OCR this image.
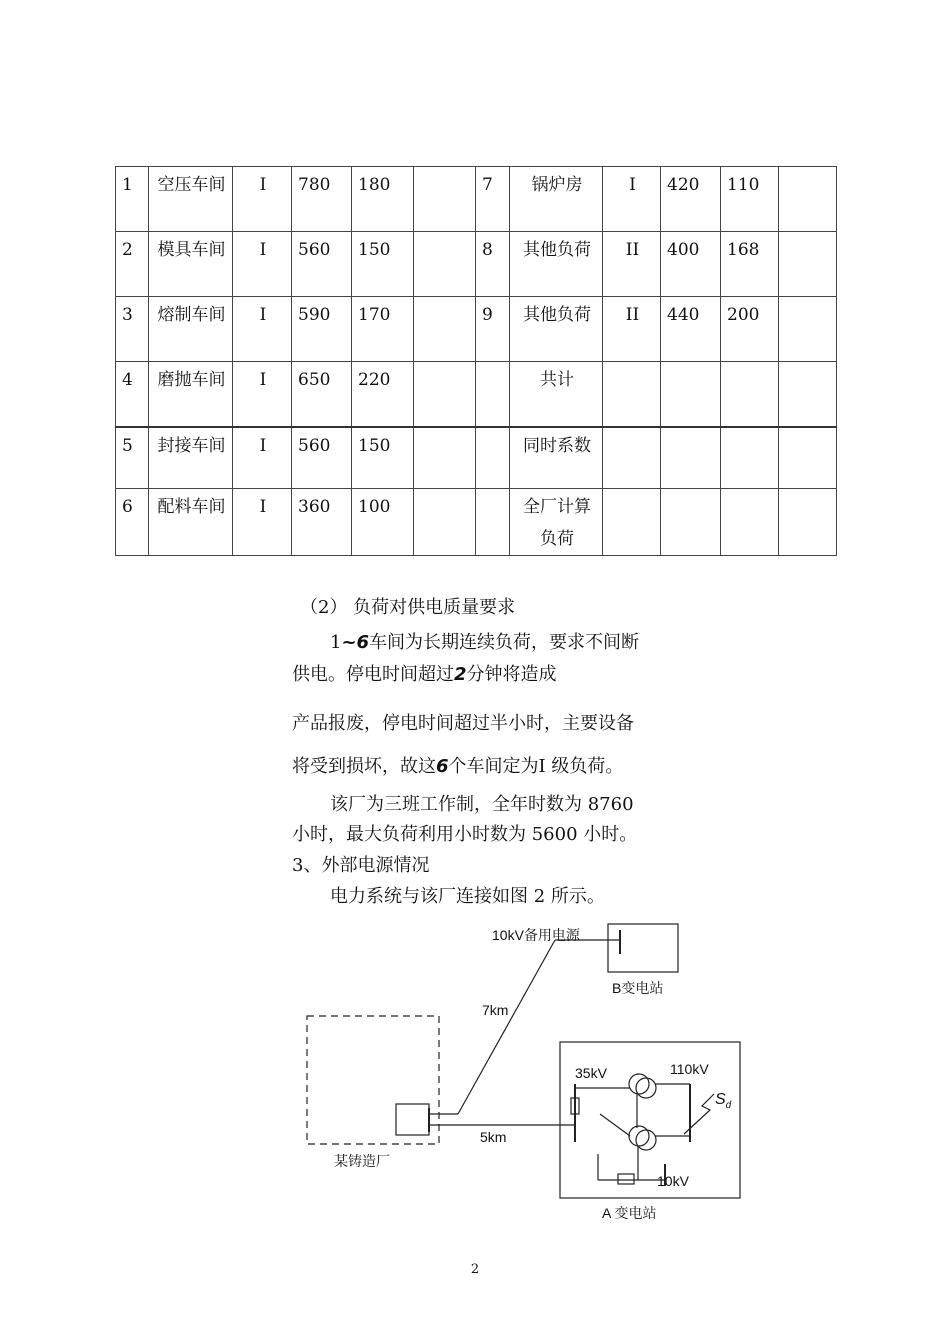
1	空压车间	I	780	180		7	锅炉房	I	420	110	
2	模具车间	I	560	150		8	其他负荷	II	400	168	
3	熔制车间	I	590	170		9	其他负荷	II	440	200	
4	磨抛车间	I	650	220			共计				
5	封接车间	I	560	150			同时系数				
6	配料车间	I	360	100			全厂计算负荷				
（2） 负荷对供电质量要求
1~6车间为长期连续负荷，要求不间断
供电。停电时间超过2分钟将造成
产品报废，停电时间超过半小时，主要设备
将受到损坏，故这6个车间定为Ⅰ 级负荷。
该厂为三班工作制，全年时数为 8760
小时，最大负荷利用小时数为 5600 小时。
3、外部电源情况
电力系统与该厂连接如图 2 所示。
10kV备用电源
B变电站
7km
某铸造厂
5km
35kV	110kV
10kV
$S_d$
A 变电站
2
